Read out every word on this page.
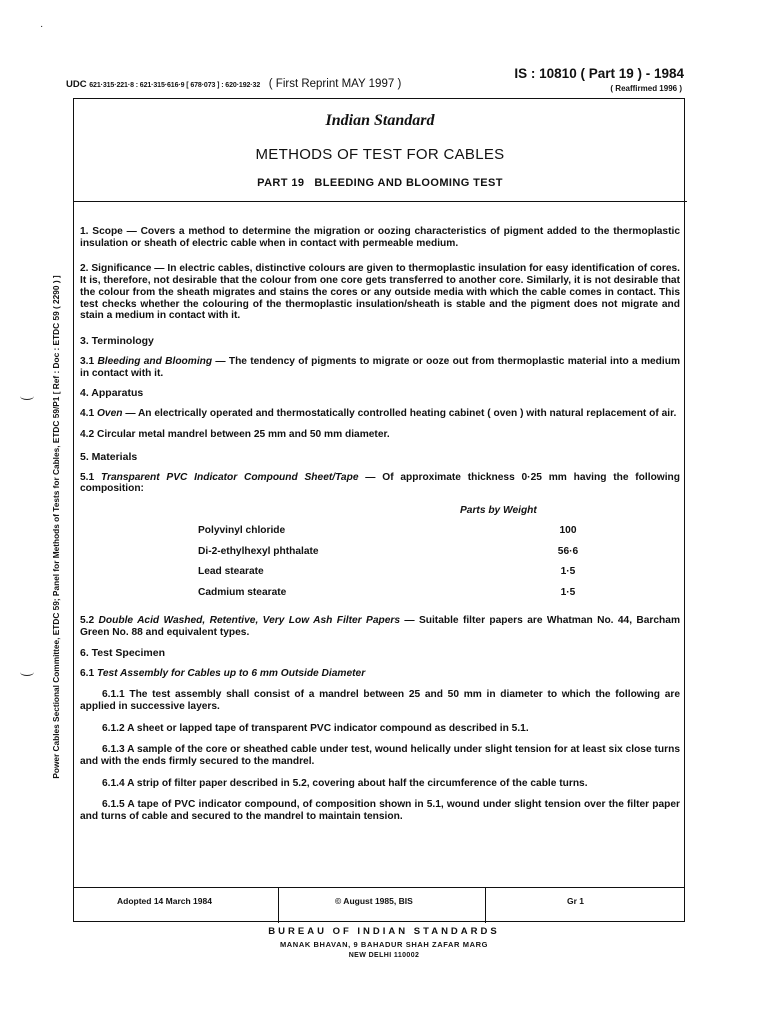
·
UDC 621·315·221·8 : 621·315·616·9 [ 678·073 ] : 620·192·32 ( First Reprint MAY 1997 )
IS : 10810 ( Part 19 ) - 1984
( Reaffirmed 1996 )
Power Cables Sectional Committee, ETDC 59; Panel for Methods of Tests for Cables, ETDC 59/P1 [ Ref : Doc : ETDC 59 ( 2290 ) ]

Indian Standard

METHODS OF TEST FOR CABLES

PART 19 BLEEDING AND BLOOMING TEST

1. Scope — Covers a method to determine the migration or oozing characteristics of pigment added to the thermoplastic insulation or sheath of electric cable when in contact with permeable medium.

2. Significance — In electric cables, distinctive colours are given to thermoplastic insulation for easy identification of cores. It is, therefore, not desirable that the colour from one core gets transferred to another core. Similarly, it is not desirable that the colour from the sheath migrates and stains the cores or any outside media with which the cable comes in contact. This test checks whether the colouring of the thermoplastic insulation/sheath is stable and the pigment does not migrate and stain a medium in contact with it.

3. Terminology

3.1 Bleeding and Blooming — The tendency of pigments to migrate or ooze out from thermoplastic material into a medium in contact with it.

4. Apparatus

4.1 Oven — An electrically operated and thermostatically controlled heating cabinet ( oven ) with natural replacement of air.

4.2 Circular metal mandrel between 25 mm and 50 mm diameter.

5. Materials

5.1 Transparent PVC Indicator Compound Sheet/Tape — Of approximate thickness 0·25 mm having the following composition:

Parts by Weight
Polyvinyl chloride	100
Di-2-ethylhexyl phthalate	56·6
Lead stearate	1·5
Cadmium stearate	1·5

5.2 Double Acid Washed, Retentive, Very Low Ash Filter Papers — Suitable filter papers are Whatman No. 44, Barcham Green No. 88 and equivalent types.

6. Test Specimen

6.1 Test Assembly for Cables up to 6 mm Outside Diameter

6.1.1 The test assembly shall consist of a mandrel between 25 and 50 mm in diameter to which the following are applied in successive layers.

6.1.2 A sheet or lapped tape of transparent PVC indicator compound as described in 5.1.

6.1.3 A sample of the core or sheathed cable under test, wound helically under slight tension for at least six close turns and with the ends firmly secured to the mandrel.

6.1.4 A strip of filter paper described in 5.2, covering about half the circumference of the cable turns.

6.1.5 A tape of PVC indicator compound, of composition shown in 5.1, wound under slight tension over the filter paper and turns of cable and secured to the mandrel to maintain tension.

Adopted 14 March 1984	© August 1985, BIS	Gr 1
BUREAU OF INDIAN STANDARDS
MANAK BHAVAN, 9 BAHADUR SHAH ZAFAR MARG
NEW DELHI 110002
